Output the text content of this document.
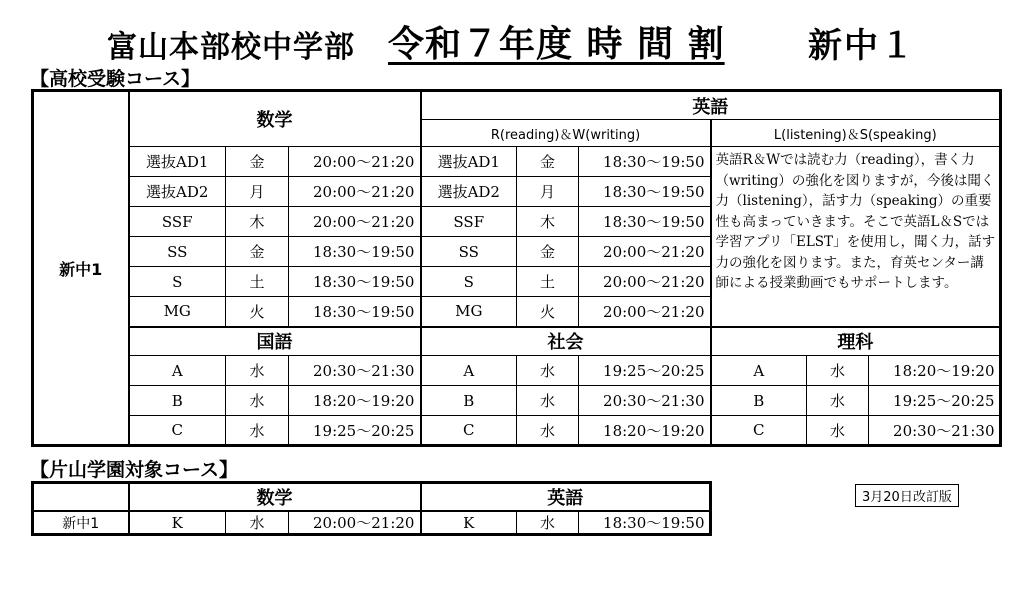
富山本部校中学部 令和７年度 時 間 割 新中１
【高校受験コース】
新中1	数学			英語					
				R(reading)＆W(writing)			L(listening)＆S(speaking)		
	選抜AD1	金	20:00～21:20	選抜AD1	金	18:30～19:50	英語R＆Wでは読む力（reading），書く力（writing）の強化を図りますが，今後は聞く力（listening），話す力（speaking）の重要性も高まっていきます。そこで英語L＆Sでは学習アプリ「ELST」を使用し，聞く力，話す力の強化を図ります。また，育英センター講師による授業動画でもサポートします。		
	選抜AD2	月	20:00～21:20	選抜AD2	月	18:30～19:50			
	SSF	木	20:00～21:20	SSF	木	18:30～19:50			
	SS	金	18:30～19:50	SS	金	20:00～21:20			
	S	土	18:30～19:50	S	土	20:00～21:20			
	MG	火	18:30～19:50	MG	火	20:00～21:20			
	国語			社会			理科		
	A	水	20:30～21:30	A	水	19:25～20:25	A	水	18:20～19:20
	B	水	18:20～19:20	B	水	20:30～21:30	B	水	19:25～20:25
	C	水	19:25～20:25	C	水	18:20～19:20	C	水	20:30～21:30
【片山学園対象コース】
3月20日改訂版
	数学			英語		
新中1	K	水	20:00～21:20	K	水	18:30～19:50
